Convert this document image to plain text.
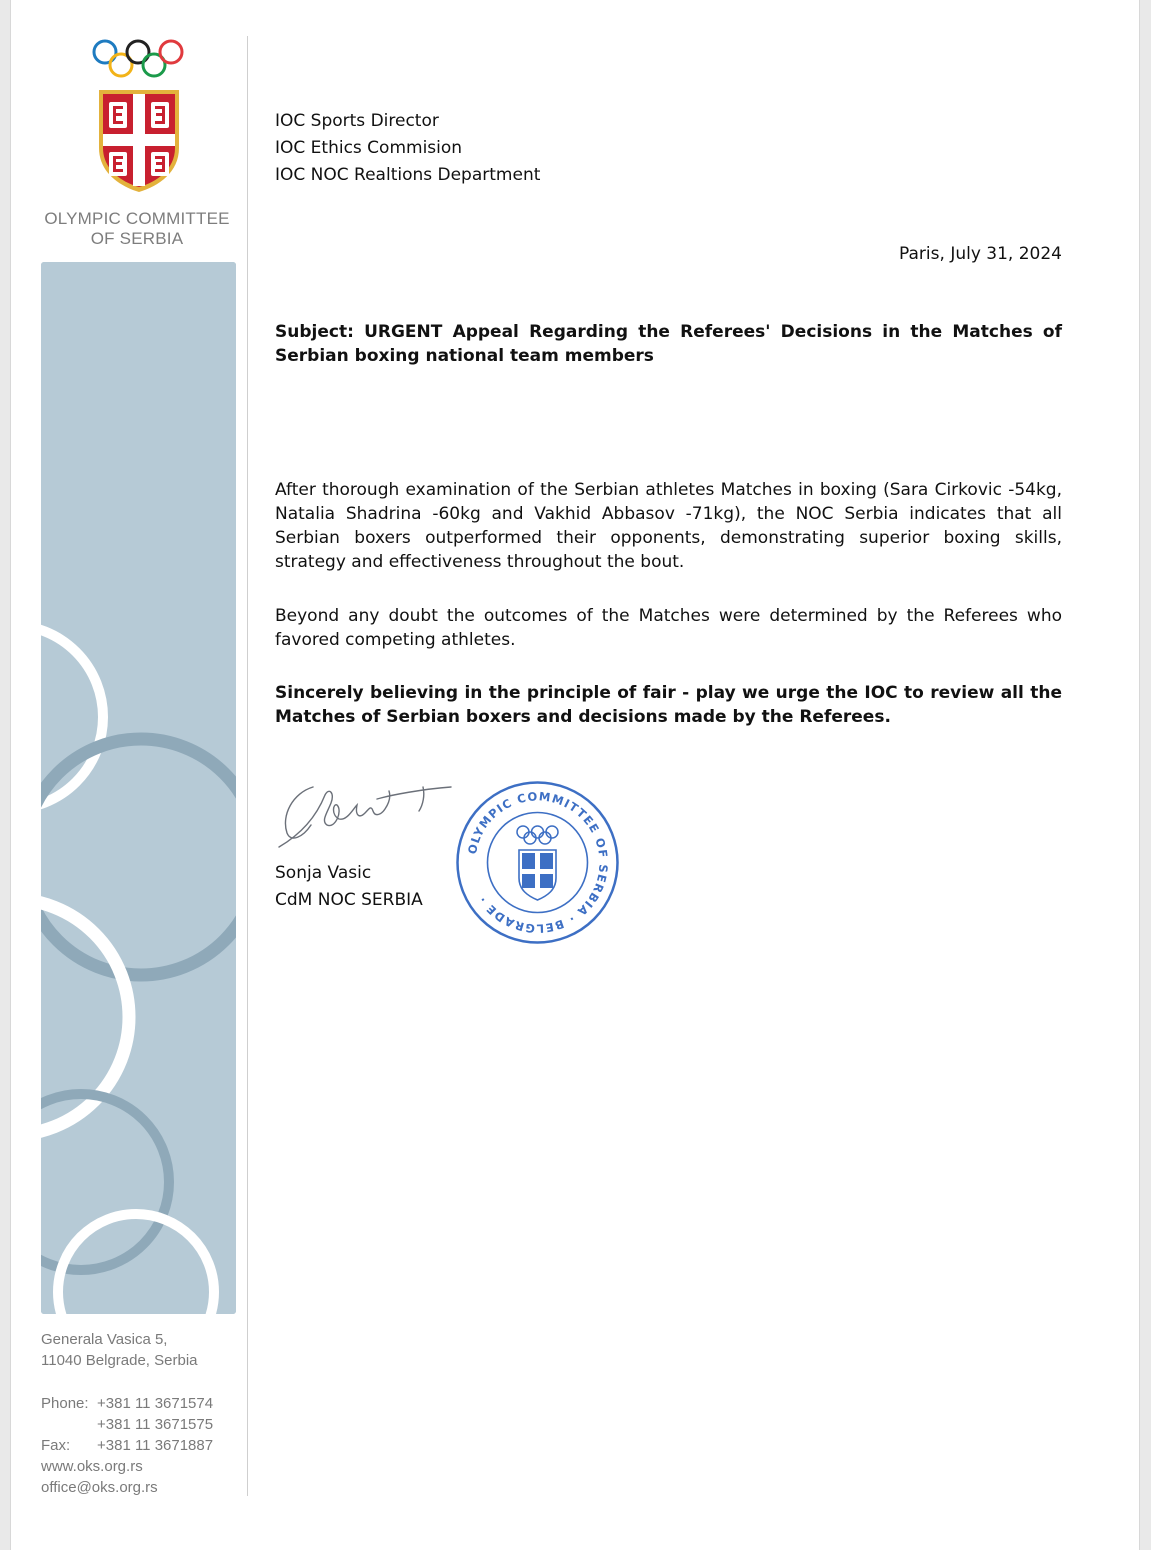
OLYMPIC COMMITTEE
OF SERBIA
Generala Vasica 5,
11040 Belgrade, Serbia
Phone: +381 11 3671574
+381 11 3671575
Fax:	+381 11 3671887
www.oks.org.rs
office@oks.org.rs
IOC Sports Director
IOC Ethics Commision
IOC NOC Realtions Department
Paris, July 31, 2024
Subject: URGENT Appeal Regarding the Referees' Decisions in the Matches of Serbian boxing national team members
After thorough examination of the Serbian athletes Matches in boxing (Sara Cirkovic -54kg, Natalia Shadrina -60kg and Vakhid Abbasov -71kg), the NOC Serbia indicates that all Serbian boxers outperformed their opponents, demonstrating superior boxing skills, strategy and effectiveness throughout the bout.
Beyond any doubt the outcomes of the Matches were determined by the Referees who favored competing athletes.
Sincerely believing in the principle of fair - play we urge the IOC to review all the Matches of Serbian boxers and decisions made by the Referees.
Sonja Vasic
CdM NOC SERBIA
OLYMPIC COMMITTEE OF SERBIA · BELGRADE ·
